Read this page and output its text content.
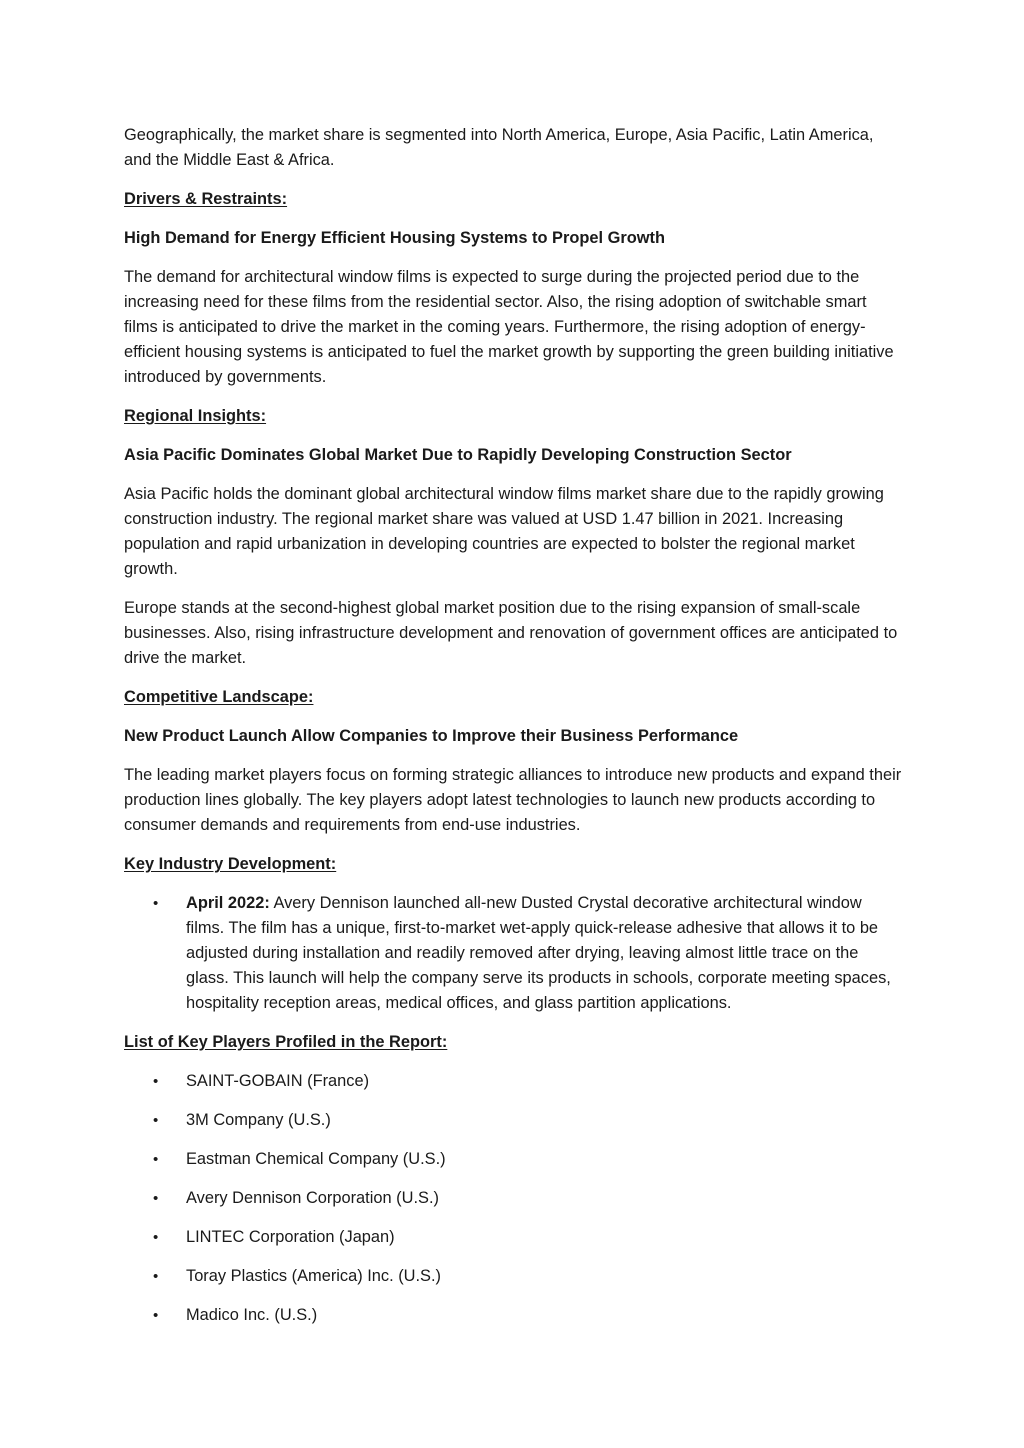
Geographically, the market share is segmented into North America, Europe, Asia Pacific, Latin America, and the Middle East & Africa.

Drivers & Restraints:

High Demand for Energy Efficient Housing Systems to Propel Growth

The demand for architectural window films is expected to surge during the projected period due to the increasing need for these films from the residential sector. Also, the rising adoption of switchable smart films is anticipated to drive the market in the coming years. Furthermore, the rising adoption of energy-efficient housing systems is anticipated to fuel the market growth by supporting the green building initiative introduced by governments.

Regional Insights:

Asia Pacific Dominates Global Market Due to Rapidly Developing Construction Sector

Asia Pacific holds the dominant global architectural window films market share due to the rapidly growing construction industry. The regional market share was valued at USD 1.47 billion in 2021. Increasing population and rapid urbanization in developing countries are expected to bolster the regional market growth.

Europe stands at the second-highest global market position due to the rising expansion of small-scale businesses. Also, rising infrastructure development and renovation of government offices are anticipated to drive the market.

Competitive Landscape:

New Product Launch Allow Companies to Improve their Business Performance

The leading market players focus on forming strategic alliances to introduce new products and expand their production lines globally. The key players adopt latest technologies to launch new products according to consumer demands and requirements from end-use industries.

Key Industry Development:

• April 2022: Avery Dennison launched all-new Dusted Crystal decorative architectural window films. The film has a unique, first-to-market wet-apply quick-release adhesive that allows it to be adjusted during installation and readily removed after drying, leaving almost little trace on the glass. This launch will help the company serve its products in schools, corporate meeting spaces, hospitality reception areas, medical offices, and glass partition applications.

List of Key Players Profiled in the Report:

• SAINT-GOBAIN (France)
• 3M Company (U.S.)
• Eastman Chemical Company (U.S.)
• Avery Dennison Corporation (U.S.)
• LINTEC Corporation (Japan)
• Toray Plastics (America) Inc. (U.S.)
• Madico Inc. (U.S.)
